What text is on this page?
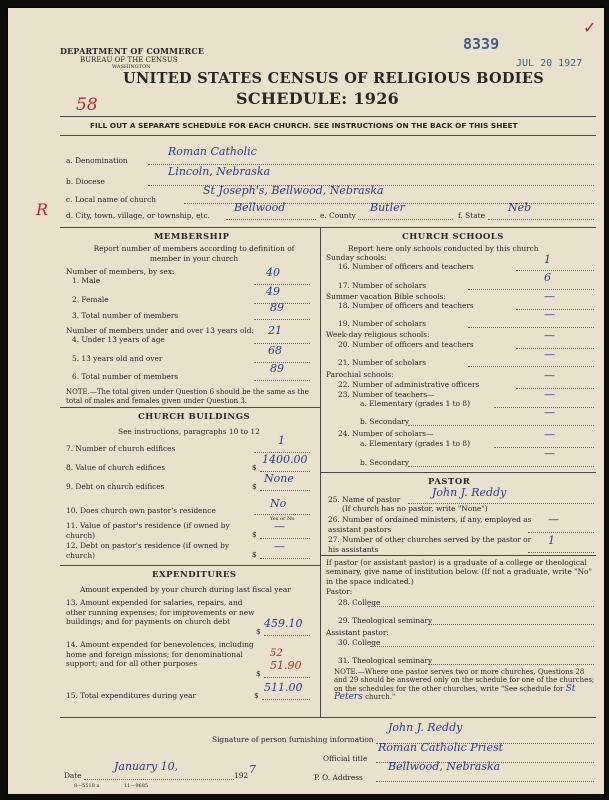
DEPARTMENT OF COMMERCE
BUREAU OF THE CENSUS
WASHINGTON
8339
JUL 20 1927
✓
UNITED STATES CENSUS OF RELIGIOUS BODIES
SCHEDULE: 1926
58
FILL OUT A SEPARATE SCHEDULE FOR EACH CHURCH. SEE INSTRUCTIONS ON THE BACK OF THIS SHEET
a. Denomination
Roman Catholic
b. Diocese
Lincoln, Nebraska
c. Local name of church
St Joseph's, Bellwood, Nebraska
R d. City, town, village, or township, etc.
Bellwood
e. County
Butler
f. State
Neb
MEMBERSHIP
Report number of members according to definition of member in your church
Number of members, by sex:
1. Male
40
2. Female
49
3. Total number of members
89
Number of members under and over 13 years old:
4. Under 13 years of age
21
5. 13 years old and over
68
6. Total number of members
89
NOTE.—The total given under Question 6 should be the same as the total of males and females given under Question 3.
CHURCH BUILDINGS
See instructions, paragraphs 10 to 12
7. Number of church edifices
1
8. Value of church edifices	$
1400.00
9. Debt on church edifices	$
None
10. Does church own pastor's residence
No
Yes or No
11. Value of pastor's residence (if owned by church)	$
—
12. Debt on pastor's residence (if owned by church)	$
—
EXPENDITURES
Amount expended by your church during last fiscal year
13. Amount expended for salaries, repairs, and other running expenses; for improvements or new buildings; and for payments on church debt
$
459.10
14. Amount expended for benevolences, including home and foreign missions; for denominational support; and for all other purposes
52
$
51.90
15. Total expenditures during year	$
511.00
CHURCH SCHOOLS
Report here only schools conducted by this church
Sunday schools:
16. Number of officers and teachers
1
17. Number of scholars
6
Summer vacation Bible schools:
18. Number of officers and teachers
—
19. Number of scholars
—
Week-day religious schools:
20. Number of officers and teachers
—
21. Number of scholars
—
Parochial schools:
22. Number of administrative officers
—
23. Number of teachers—
a. Elementary (grades 1 to 8)
—
b. Secondary
—
24. Number of scholars—
a. Elementary (grades 1 to 8)
—
b. Secondary
—
PASTOR
25. Name of pastor
John J. Reddy
(If church has no pastor, write "None")
26. Number of ordained ministers, if any, employed as assistant pastors
—
27. Number of other churches served by the pastor or his assistants
1
If pastor (or assistant pastor) is a graduate of a college or theological seminary, give name of institution below. (If not a graduate, write "No" in the space indicated.)
Pastor:
28. College
29. Theological seminary
Assistant pastor:
30. College
31. Theological seminary
NOTE.—Where one pastor serves two or more churches, Questions 28 and 29 should be answered only on the schedule for one of the churches; on the schedules for the other churches, write "See schedule for St Peters church."
Signature of person furnishing information
John J. Reddy
Official title
Roman Catholic Priest
Date
January 10,
192 7
P. O. Address
Bellwood, Nebraska
8—5518 a	11—9685
